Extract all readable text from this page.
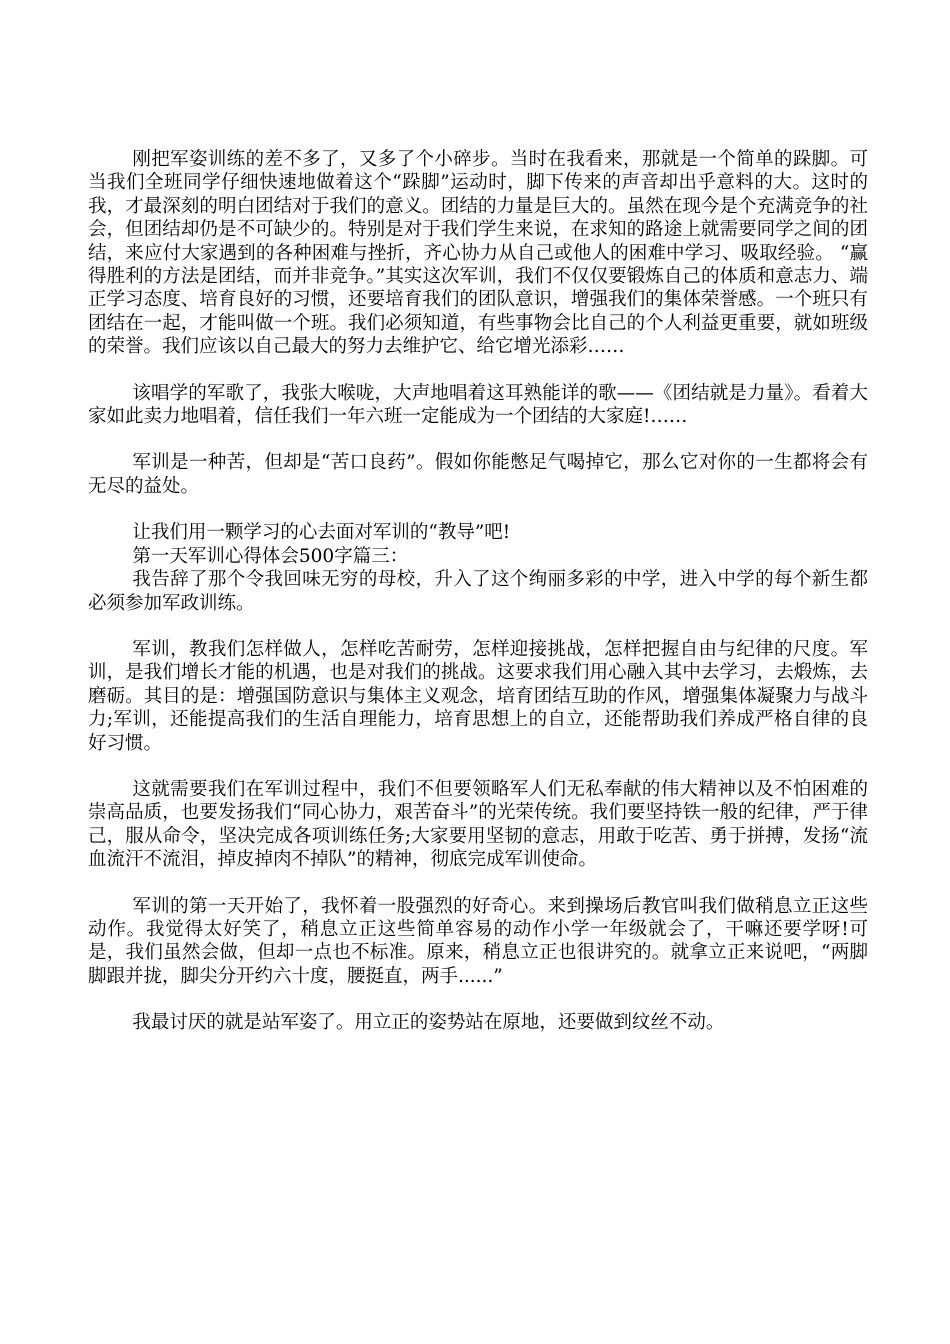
刚把军姿训练的差不多了，又多了个小碎步。当时在我看来，那就是一个简单的跺脚。可当我们全班同学仔细快速地做着这个“跺脚”运动时，脚下传来的声音却出乎意料的大。这时的我，才最深刻的明白团结对于我们的意义。团结的力量是巨大的。虽然在现今是个充满竞争的社会，但团结却仍是不可缺少的。特别是对于我们学生来说，在求知的路途上就需要同学之间的团结，来应付大家遇到的各种困难与挫折，齐心协力从自己或他人的困难中学习、吸取经验。 “赢得胜利的方法是团结，而并非竞争。”其实这次军训，我们不仅仅要锻炼自己的体质和意志力、端正学习态度、培育良好的习惯，还要培育我们的团队意识，增强我们的集体荣誉感。一个班只有团结在一起，才能叫做一个班。我们必须知道，有些事物会比自己的个人利益更重要，就如班级的荣誉。我们应该以自己最大的努力去维护它、给它增光添彩……

该唱学的军歌了，我张大喉咙，大声地唱着这耳熟能详的歌——《团结就是力量》。看着大家如此卖力地唱着，信任我们一年六班一定能成为一个团结的大家庭!……

军训是一种苦，但却是“苦口良药”。假如你能憋足气喝掉它，那么它对你的一生都将会有无尽的益处。

让我们用一颗学习的心去面对军训的“教导”吧!

第一天军训心得体会500字篇三：

我告辞了那个令我回味无穷的母校，升入了这个绚丽多彩的中学，进入中学的每个新生都必须参加军政训练。

军训，教我们怎样做人，怎样吃苦耐劳，怎样迎接挑战，怎样把握自由与纪律的尺度。军训，是我们增长才能的机遇，也是对我们的挑战。这要求我们用心融入其中去学习，去煅炼，去磨砺。其目的是：增强国防意识与集体主义观念，培育团结互助的作风，增强集体凝聚力与战斗力;军训，还能提高我们的生活自理能力，培育思想上的自立，还能帮助我们养成严格自律的良好习惯。

这就需要我们在军训过程中，我们不但要领略军人们无私奉献的伟大精神以及不怕困难的崇高品质，也要发扬我们“同心协力，艰苦奋斗”的光荣传统。我们要坚持铁一般的纪律，严于律己，服从命令，坚决完成各项训练任务;大家要用坚韧的意志，用敢于吃苦、勇于拼搏，发扬“流血流汗不流泪，掉皮掉肉不掉队”的精神，彻底完成军训使命。

军训的第一天开始了，我怀着一股强烈的好奇心。来到操场后教官叫我们做稍息立正这些动作。我觉得太好笑了，稍息立正这些简单容易的动作小学一年级就会了，干嘛还要学呀!可是，我们虽然会做，但却一点也不标准。原来，稍息立正也很讲究的。就拿立正来说吧，“两脚脚跟并拢，脚尖分开约六十度，腰挺直，两手......”

我最讨厌的就是站军姿了。用立正的姿势站在原地，还要做到纹丝不动。
